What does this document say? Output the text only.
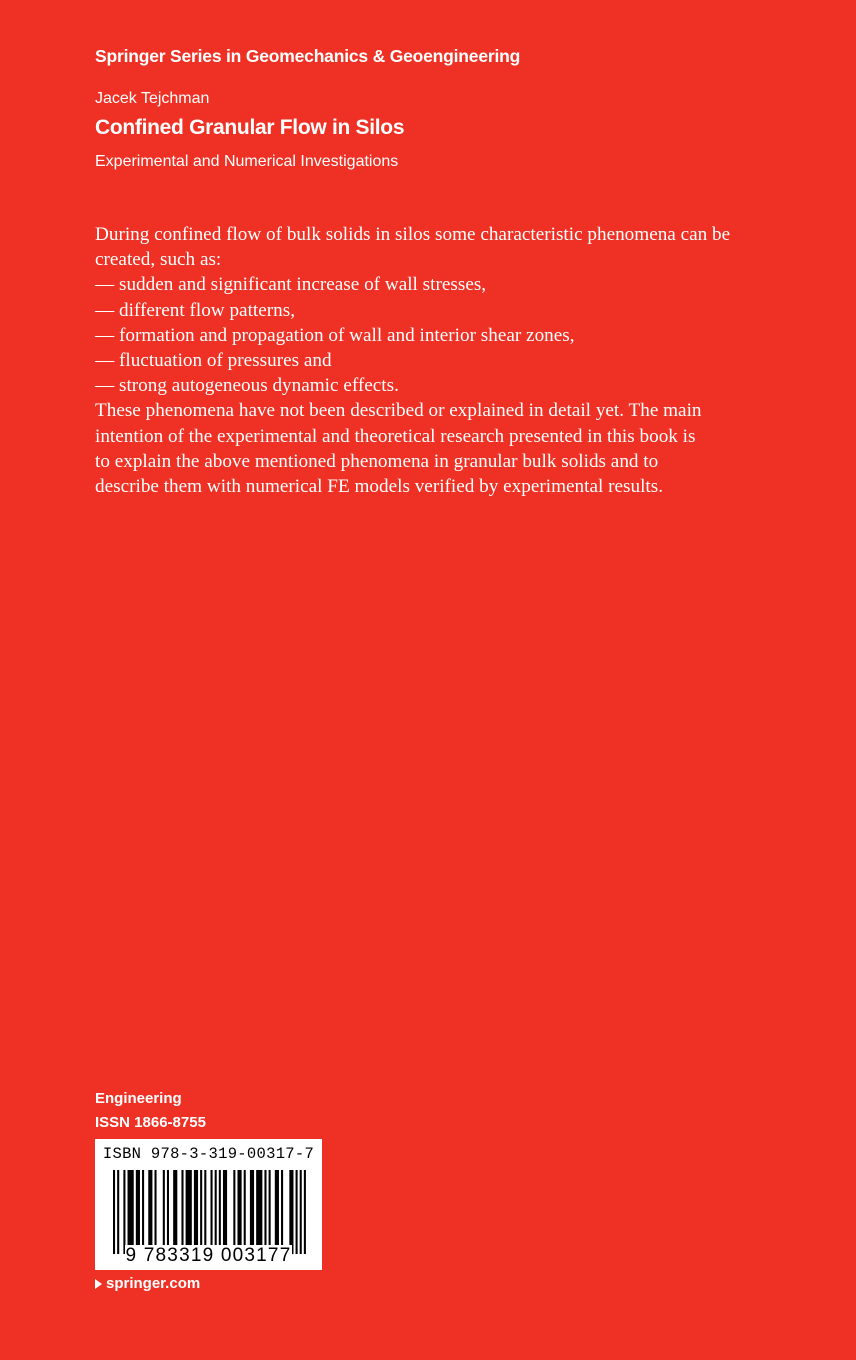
Springer Series in Geomechanics & Geoengineering
Jacek Tejchman
Confined Granular Flow in Silos
Experimental and Numerical Investigations

During confined flow of bulk solids in silos some characteristic phenomena can be

created, such as:

— sudden and significant increase of wall stresses,

— different flow patterns,

— formation and propagation of wall and interior shear zones,

— fluctuation of pressures and

— strong autogeneous dynamic effects.

These phenomena have not been described or explained in detail yet. The main

intention of the experimental and theoretical research presented in this book is

to explain the above mentioned phenomena in granular bulk solids and to

describe them with numerical FE models verified by experimental results.

Engineering
ISSN 1866-8755
ISBN 978-3-319-00317-7
9 783319 003177
springer.com
